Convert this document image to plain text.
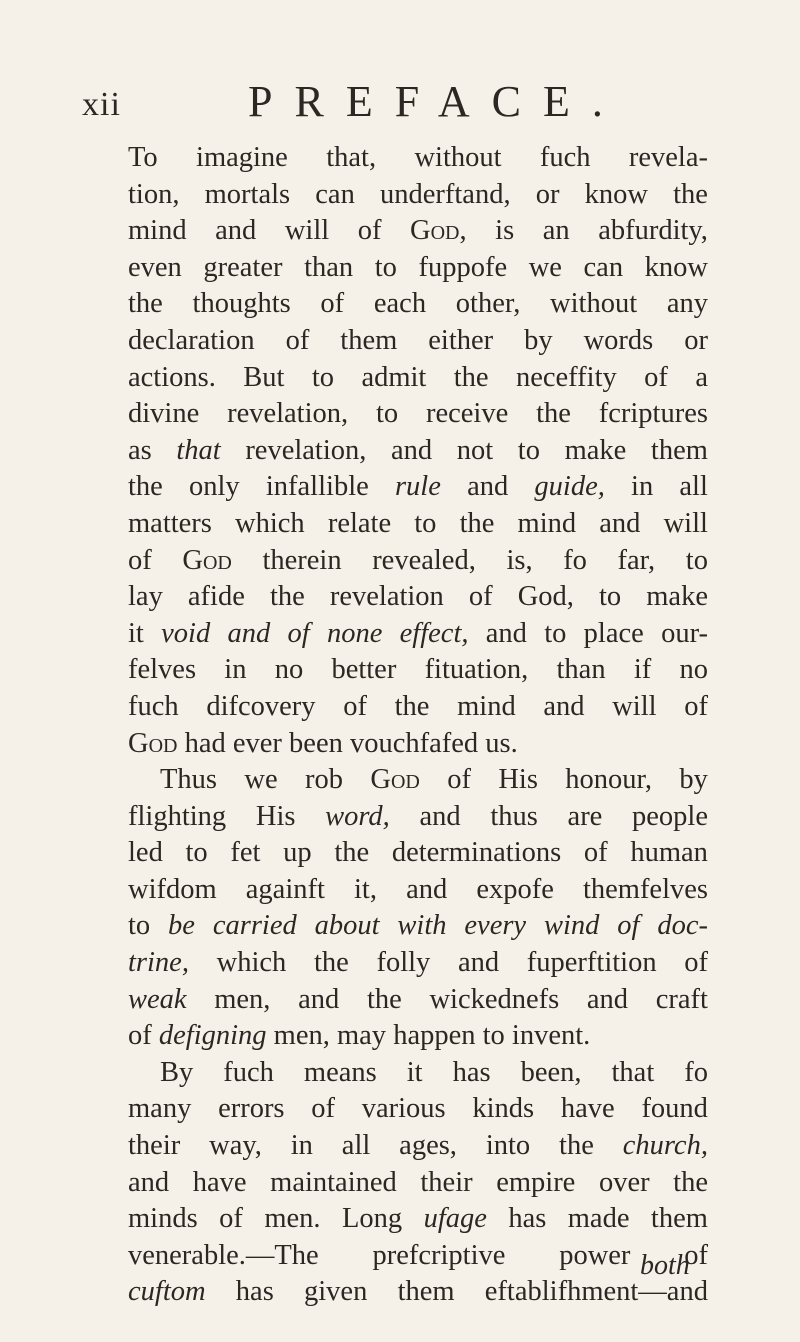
xii	PREFACE.
To imagine that, without fuch revela-
tion, mortals can underftand, or know the
mind and will of God, is an abfurdity,
even greater than to fuppofe we can know
the thoughts of each other, without any
declaration of them either by words or
actions. But to admit the neceffity of a
divine revelation, to receive the fcriptures
as that revelation, and not to make them
the only infallible rule and guide, in all
matters which relate to the mind and will
of God therein revealed, is, fo far, to
lay afide the revelation of God, to make
it void and of none effect, and to place our-
felves in no better fituation, than if no
fuch difcovery of the mind and will of
God
had
ever
been
vouchfafed
us.
Thus we rob God of His honour, by
flighting His word, and thus are people
led to fet up the determinations of human
wifdom againft it, and expofe themfelves
to be carried about with every wind of doc-
trine, which the folly and fuperftition of
weak men, and the wickednefs and craft
of
defigning
men,
may
happen
to
invent.
By fuch means it has been, that fo
many errors of various kinds have found
their way, in all ages, into the church,
and have maintained their empire over the
minds of men. Long ufage has made them
venerable.—The prefcriptive power of
cuftom has given them eftablifhment—and
both
